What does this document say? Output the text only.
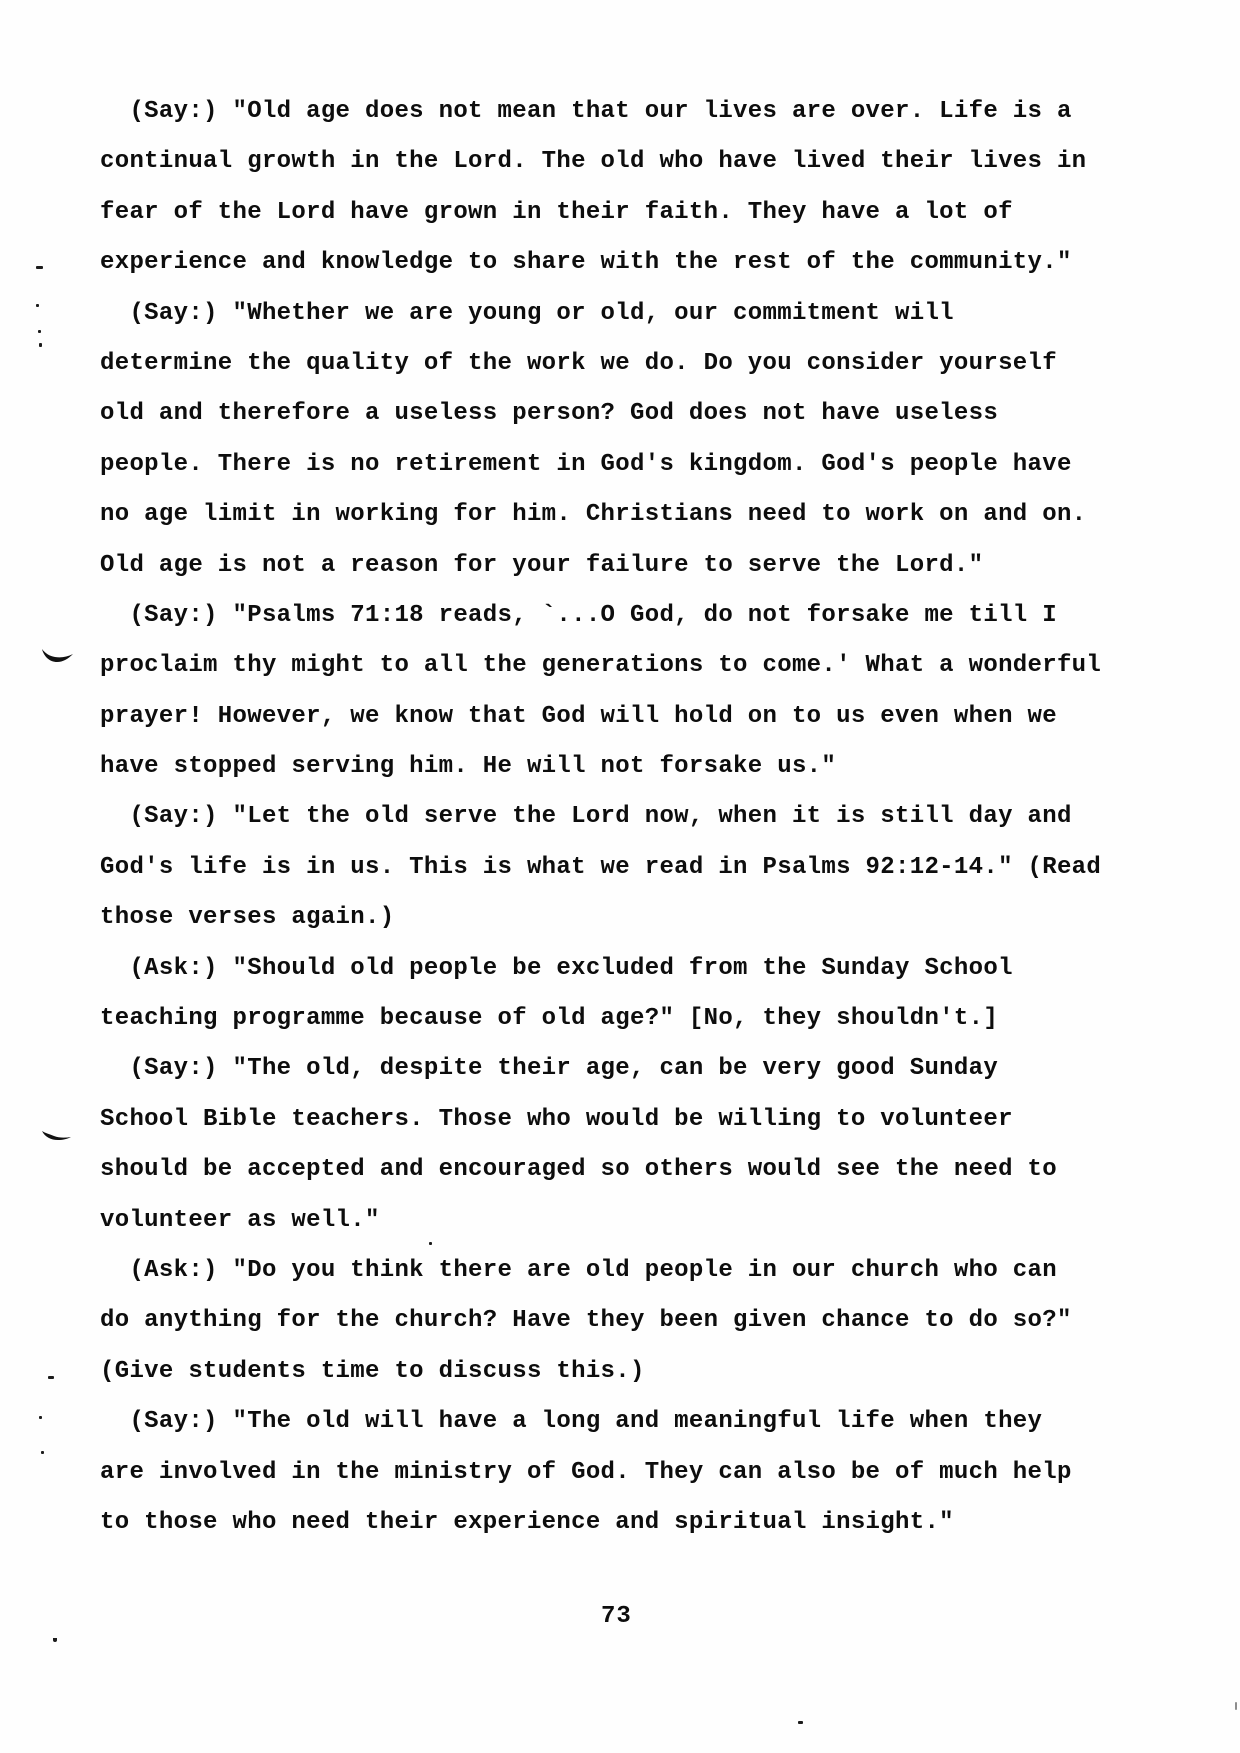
(Say:) "Old age does not mean that our lives are over. Life is a
continual growth in the Lord. The old who have lived their lives in
fear of the Lord have grown in their faith. They have a lot of
experience and knowledge to share with the rest of the community."
(Say:) "Whether we are young or old, our commitment will
determine the quality of the work we do. Do you consider yourself
old and therefore a useless person? God does not have useless
people. There is no retirement in God's kingdom. God's people have
no age limit in working for him. Christians need to work on and on.
Old age is not a reason for your failure to serve the Lord."
(Say:) "Psalms 71:18 reads, `...O God, do not forsake me till I
proclaim thy might to all the generations to come.' What a wonderful
prayer! However, we know that God will hold on to us even when we
have stopped serving him. He will not forsake us."
(Say:) "Let the old serve the Lord now, when it is still day and
God's life is in us. This is what we read in Psalms 92:12-14." (Read
those verses again.)
(Ask:) "Should old people be excluded from the Sunday School
teaching programme because of old age?" [No, they shouldn't.]
(Say:) "The old, despite their age, can be very good Sunday
School Bible teachers. Those who would be willing to volunteer
should be accepted and encouraged so others would see the need to
volunteer as well."
(Ask:) "Do you think there are old people in our church who can
do anything for the church? Have they been given chance to do so?"
(Give students time to discuss this.)
(Say:) "The old will have a long and meaningful life when they
are involved in the ministry of God. They can also be of much help
to those who need their experience and spiritual insight."
73
